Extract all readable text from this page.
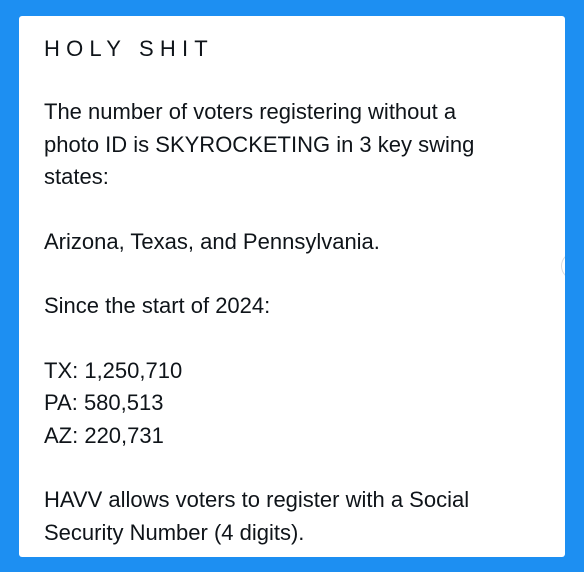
HOLY SHIT
The number of voters registering without a
photo ID is SKYROCKETING in 3 key swing
states:
Arizona, Texas, and Pennsylvania.
Since the start of 2024:
TX: 1,250,710
PA: 580,513
AZ: 220,731
HAVV allows voters to register with a Social
Security Number (4 digits).
